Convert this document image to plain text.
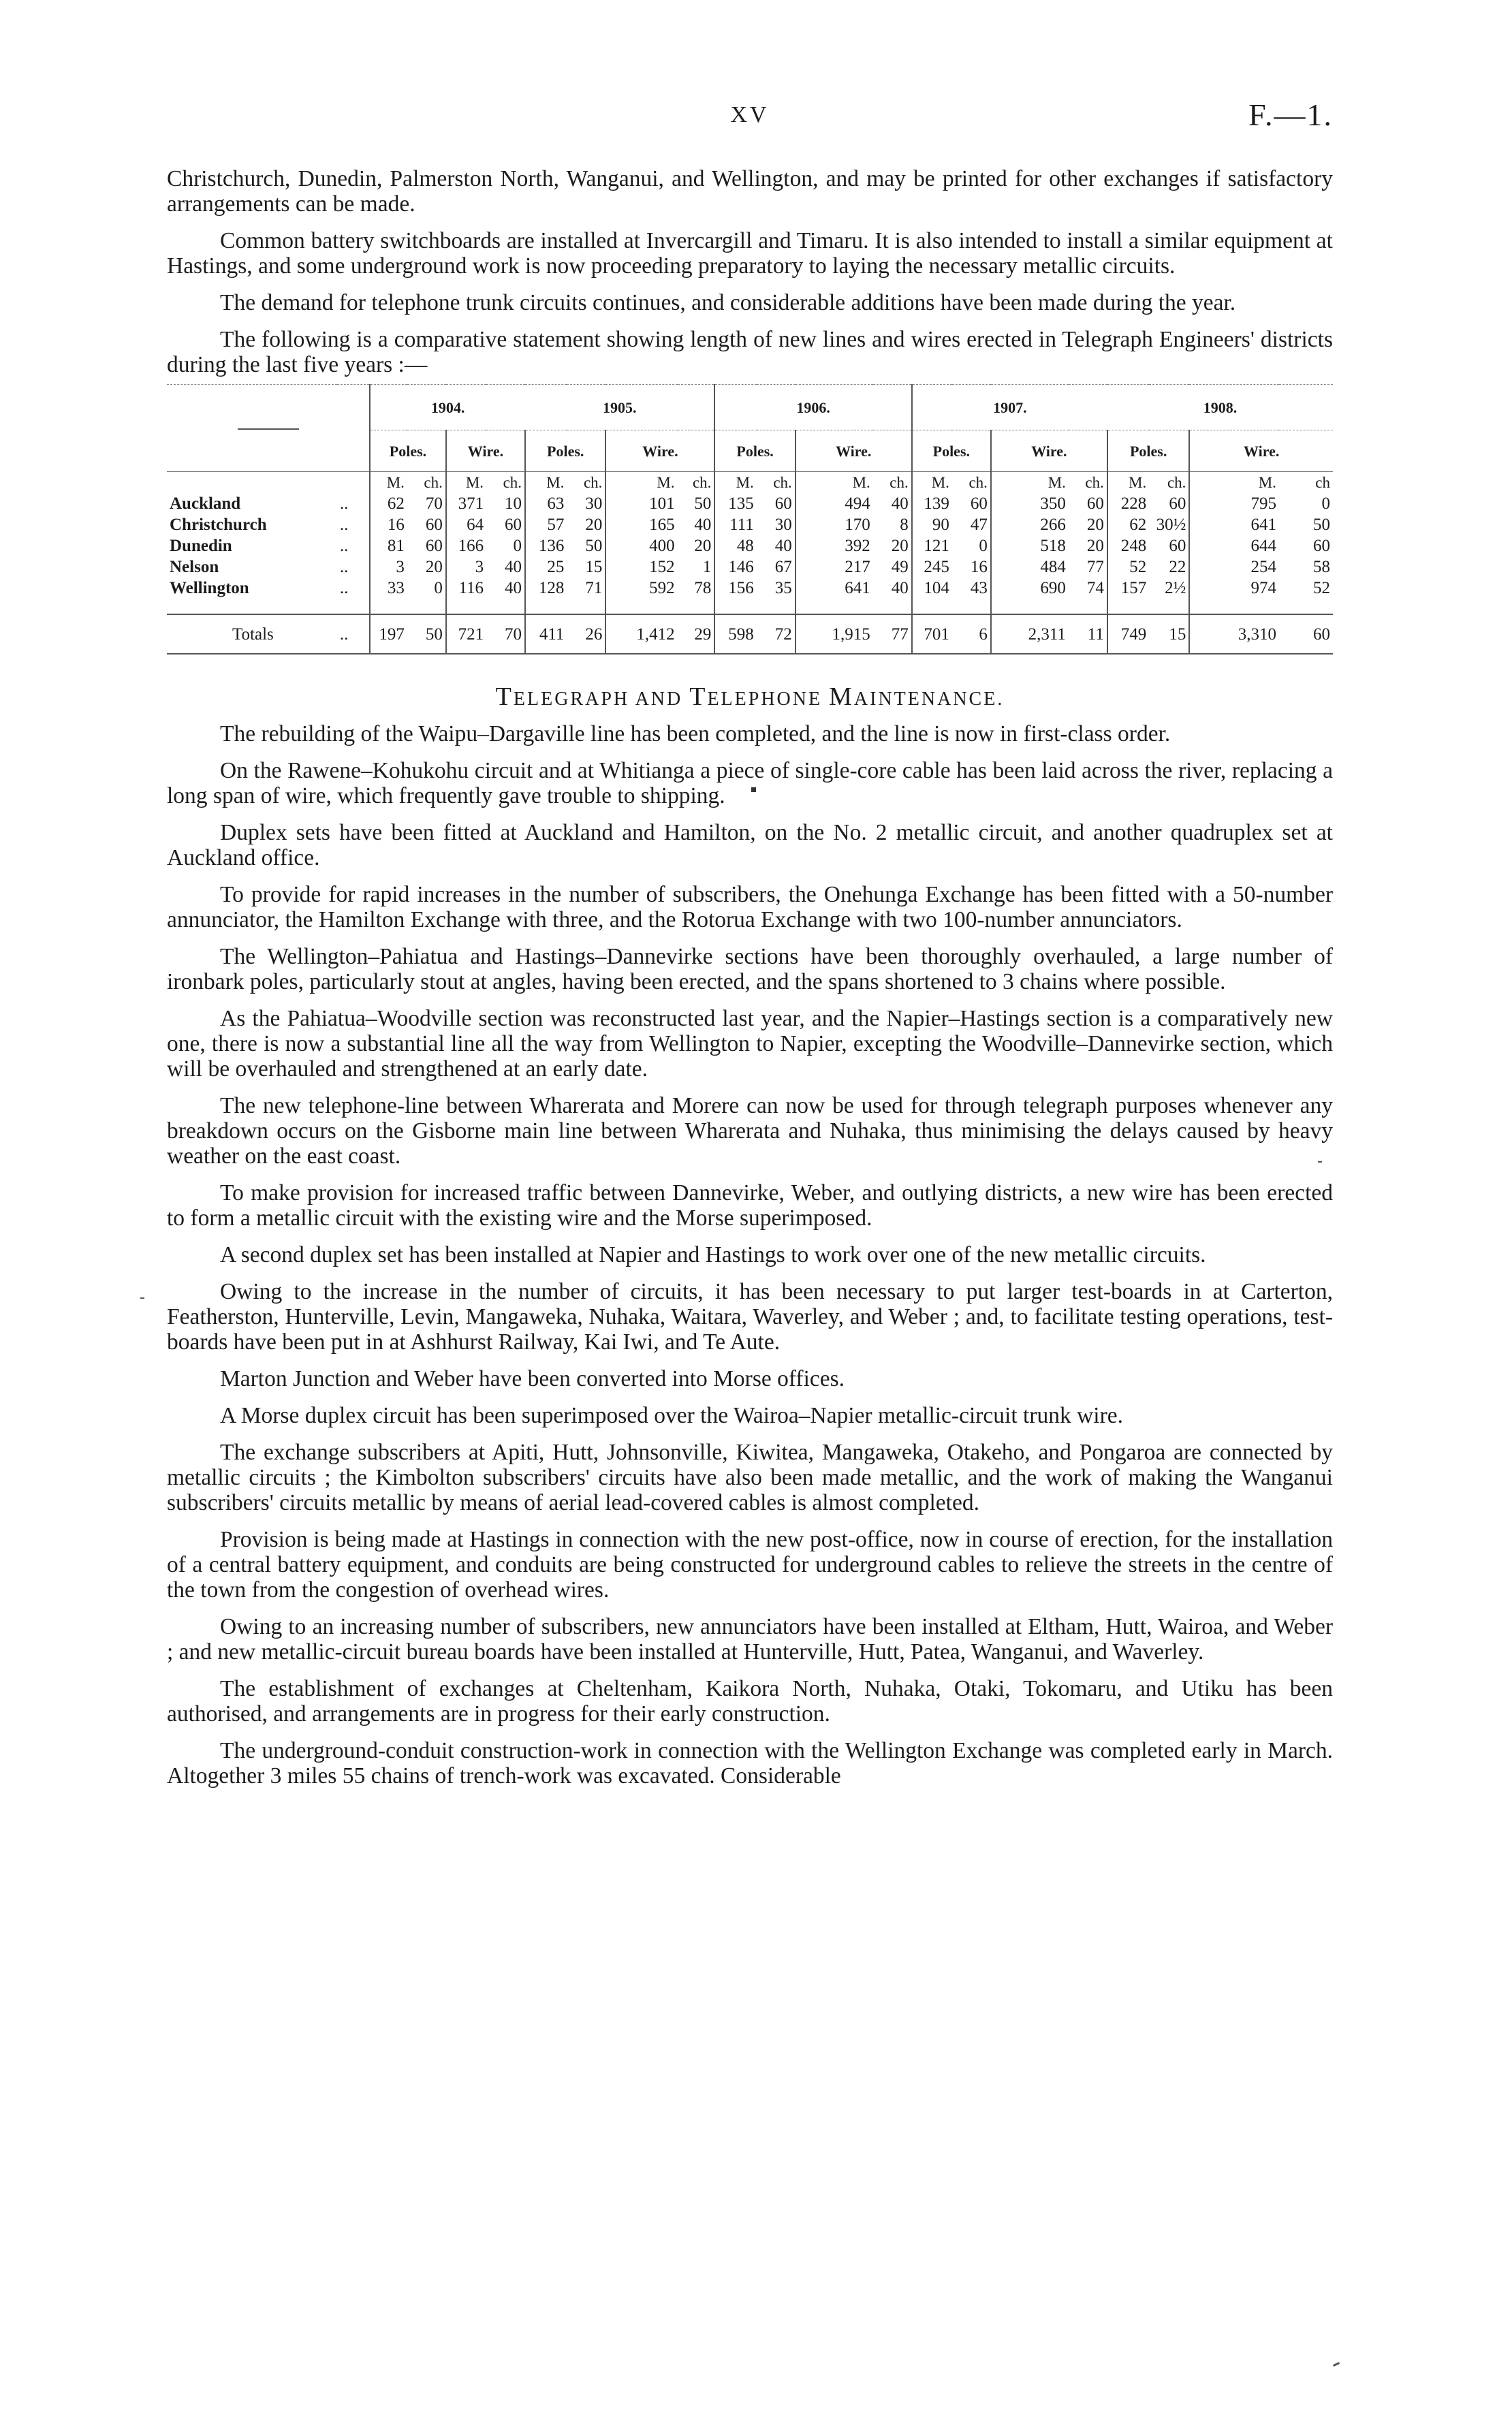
XV	F.—1.

Christchurch, Dunedin, Palmerston North, Wanganui, and Wellington, and may be printed for other exchanges if satisfactory arrangements can be made.

Common battery switchboards are installed at Invercargill and Timaru. It is also intended to install a similar equipment at Hastings, and some underground work is now proceeding preparatory to laying the necessary metallic circuits.

The demand for telephone trunk circuits continues, and considerable additions have been made during the year.

The following is a comparative statement showing length of new lines and wires erected in Telegraph Engineers' districts during the last five years :—

		1904.				1905.				1906.				1907.				1908.			
		Poles.		Wire.		Poles.		Wire.		Poles.		Wire.		Poles.		Wire.		Poles.		Wire.	
		M.	ch.	M.	ch.	M.	ch.	M.	ch.	M.	ch.	M.	ch.	M.	ch.	M.	ch.	M.	ch.	M.	ch
Auckland	..	62	70	371	10	63	30	101	50	135	60	494	40	139	60	350	60	228	60	795	0
Christchurch	..	16	60	64	60	57	20	165	40	111	30	170	8	90	47	266	20	62	30½	641	50
Dunedin	..	81	60	166	0	136	50	400	20	48	40	392	20	121	0	518	20	248	60	644	60
Nelson	..	3	20	3	40	25	15	152	1	146	67	217	49	245	16	484	77	52	22	254	58
Wellington	..	33	0	116	40	128	71	592	78	156	35	641	40	104	43	690	74	157	2½	974	52

Totals	..	197	50	721	70	411	26	1,412	29	598	72	1,915	77	701	6	2,311	11	749	15	3,310	60

TELEGRAPH AND TELEPHONE MAINTENANCE.

The rebuilding of the Waipu–Dargaville line has been completed, and the line is now in first-class order.

On the Rawene–Kohukohu circuit and at Whitianga a piece of single-core cable has been laid across the river, replacing a long span of wire, which frequently gave trouble to shipping.

Duplex sets have been fitted at Auckland and Hamilton, on the No. 2 metallic circuit, and another quadruplex set at Auckland office.

To provide for rapid increases in the number of subscribers, the Onehunga Exchange has been fitted with a 50-number annunciator, the Hamilton Exchange with three, and the Rotorua Exchange with two 100-number annunciators.

The Wellington–Pahiatua and Hastings–Dannevirke sections have been thoroughly overhauled, a large number of ironbark poles, particularly stout at angles, having been erected, and the spans shortened to 3 chains where possible.

As the Pahiatua–Woodville section was reconstructed last year, and the Napier–Hastings section is a comparatively new one, there is now a substantial line all the way from Wellington to Napier, excepting the Woodville–Dannevirke section, which will be overhauled and strengthened at an early date.

The new telephone-line between Wharerata and Morere can now be used for through telegraph purposes whenever any breakdown occurs on the Gisborne main line between Wharerata and Nuhaka, thus minimising the delays caused by heavy weather on the east coast.

To make provision for increased traffic between Dannevirke, Weber, and outlying districts, a new wire has been erected to form a metallic circuit with the existing wire and the Morse superimposed.

A second duplex set has been installed at Napier and Hastings to work over one of the new metallic circuits.

Owing to the increase in the number of circuits, it has been necessary to put larger test-boards in at Carterton, Featherston, Hunterville, Levin, Mangaweka, Nuhaka, Waitara, Waverley, and Weber ; and, to facilitate testing operations, test-boards have been put in at Ashhurst Railway, Kai Iwi, and Te Aute.

Marton Junction and Weber have been converted into Morse offices.

A Morse duplex circuit has been superimposed over the Wairoa–Napier metallic-circuit trunk wire.

The exchange subscribers at Apiti, Hutt, Johnsonville, Kiwitea, Mangaweka, Otakeho, and Pongaroa are connected by metallic circuits ; the Kimbolton subscribers' circuits have also been made metallic, and the work of making the Wanganui subscribers' circuits metallic by means of aerial lead-covered cables is almost completed.

Provision is being made at Hastings in connection with the new post-office, now in course of erection, for the installation of a central battery equipment, and conduits are being constructed for underground cables to relieve the streets in the centre of the town from the congestion of overhead wires.

Owing to an increasing number of subscribers, new annunciators have been installed at Eltham, Hutt, Wairoa, and Weber ; and new metallic-circuit bureau boards have been installed at Hunterville, Hutt, Patea, Wanganui, and Waverley.

The establishment of exchanges at Cheltenham, Kaikora North, Nuhaka, Otaki, Tokomaru, and Utiku has been authorised, and arrangements are in progress for their early construction.

The underground-conduit construction-work in connection with the Wellington Exchange was completed early in March. Altogether 3 miles 55 chains of trench-work was excavated. Considerable
